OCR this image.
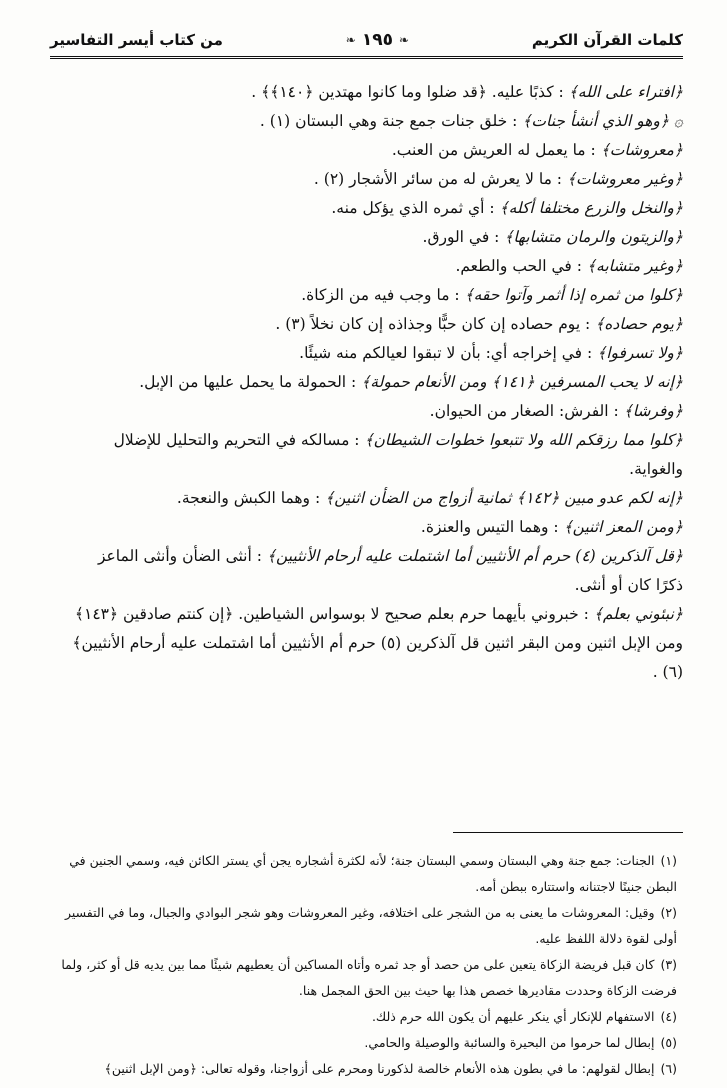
كلمات القرآن الكريم
❧ ١٩٥ ❧
من كتاب أيسر التفاسير

﴿افتراء على الله﴾ : كذبًا عليه. ﴿قد ضلوا وما كانوا مهتدين ﴿١٤٠﴾﴾ .

۞ ﴿وهو الذي أنشأ جنات﴾ : خلق جنات جمع جنة وهي البستان (١) .

﴿معروشات﴾ : ما يعمل له العريش من العنب.

﴿وغير معروشات﴾ : ما لا يعرش له من سائر الأشجار (٢) .

﴿والنخل والزرع مختلفا أكله﴾ : أي ثمره الذي يؤكل منه.

﴿والزيتون والرمان متشابها﴾ : في الورق.

﴿وغير متشابه﴾ : في الحب والطعم.

﴿كلوا من ثمره إذا أثمر وآتوا حقه﴾ : ما وجب فيه من الزكاة.

﴿يوم حصاده﴾ : يوم حصاده إن كان حبًّا وجذاذه إن كان نخلاً (٣) .

﴿ولا تسرفوا﴾ : في إخراجه أي: بأن لا تبقوا لعيالكم منه شيئًا.

﴿إنه لا يحب المسرفين ﴿١٤١﴾ ومن الأنعام حمولة﴾ : الحمولة ما يحمل عليها من الإبل.

﴿وفرشا﴾ : الفرش: الصغار من الحيوان.

﴿كلوا مما رزقكم الله ولا تتبعوا خطوات الشيطان﴾ : مسالكه في التحريم والتحليل للإضلال والغواية.

﴿إنه لكم عدو مبين ﴿١٤٢﴾ ثمانية أزواج من الضأن اثنين﴾ : وهما الكبش والنعجة.

﴿ومن المعز اثنين﴾ : وهما التيس والعنزة.

﴿قل آلذكرين (٤) حرم أم الأنثيين أما اشتملت عليه أرحام الأنثيين﴾ : أنثى الضأن وأنثى الماعز ذكرًا كان أو أنثى.

﴿نبئوني بعلم﴾ : خبروني بأيهما حرم بعلم صحيح لا بوسواس الشياطين. ﴿إن كنتم صادقين ﴿١٤٣﴾ ومن الإبل اثنين ومن البقر اثنين قل آلذكرين (٥) حرم أم الأنثيين أما اشتملت عليه أرحام الأنثيين﴾ (٦) .

(١)الجنات: جمع جنة وهي البستان وسمي البستان جنة؛ لأنه لكثرة أشجاره يجن أي يستر الكائن فيه، وسمي الجنين في البطن جنينًا لاجتنانه واستتاره ببطن أمه.

(٢)وقيل: المعروشات ما يعنى به من الشجر على اختلافه، وغير المعروشات وهو شجر البوادي والجبال، وما في التفسير أولى لقوة دلالة اللفظ عليه.

(٣)كان قبل فريضة الزكاة يتعين على من حصد أو جد ثمره وأتاه المساكين أن يعطيهم شيئًا مما بين يديه قل أو كثر، ولما فرضت الزكاة وحددت مقاديرها خصص هذا بها حيث بين الحق المجمل هنا.

(٤)الاستفهام للإنكار أي ينكر عليهم أن يكون الله حرم ذلك.

(٥)إبطال لما حرموا من البحيرة والسائبة والوصيلة والحامي.

(٦)إبطال لقولهم: ما في بطون هذه الأنعام خالصة لذكورنا ومحرم على أزواجنا، وقوله تعالى: ﴿ومن الإبل اثنين﴾
